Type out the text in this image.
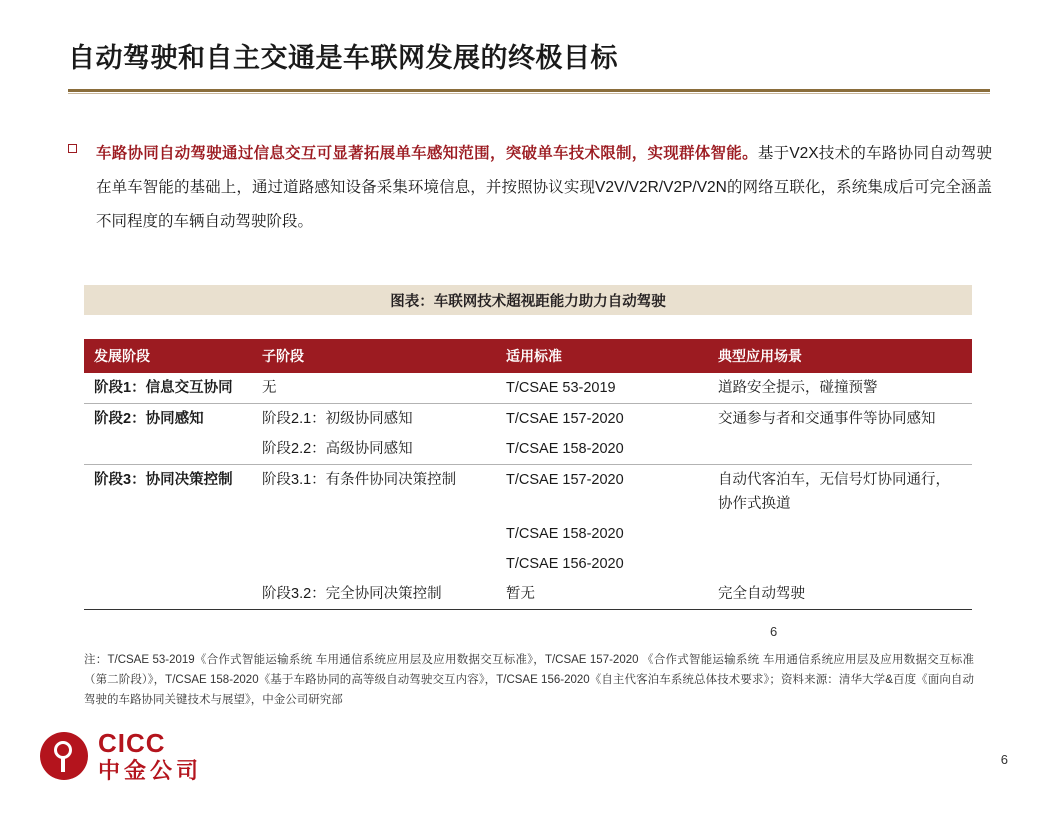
自动驾驶和自主交通是车联网发展的终极目标
车路协同自动驾驶通过信息交互可显著拓展单车感知范围，突破单车技术限制，实现群体智能。基于V2X技术的车路协同自动驾驶在单车智能的基础上，通过道路感知设备采集环境信息，并按照协议实现V2V/V2R/V2P/V2N的网络互联化，系统集成后可完全涵盖不同程度的车辆自动驾驶阶段。
图表：车联网技术超视距能力助力自动驾驶
发展阶段	子阶段	适用标准	典型应用场景
阶段1：信息交互协同	无	T/CSAE 53-2019	道路安全提示，碰撞预警
阶段2：协同感知	阶段2.1：初级协同感知	T/CSAE 157-2020	交通参与者和交通事件等协同感知
	阶段2.2：高级协同感知	T/CSAE 158-2020	
阶段3：协同决策控制	阶段3.1：有条件协同决策控制	T/CSAE 157-2020	自动代客泊车，无信号灯协同通行，协作式换道
		T/CSAE 158-2020	
		T/CSAE 156-2020	
	阶段3.2：完全协同决策控制	暂无	完全自动驾驶
6
注：T/CSAE 53-2019《合作式智能运输系统 车用通信系统应用层及应用数据交互标准》，T/CSAE 157-2020 《合作式智能运输系统 车用通信系统应用层及应用数据交互标准（第二阶段）》，T/CSAE 158-2020《基于车路协同的高等级自动驾驶交互内容》，T/CSAE 156-2020《自主代客泊车系统总体技术要求》；资料来源：清华大学&百度《面向自动驾驶的车路协同关键技术与展望》，中金公司研究部
CICC
中金公司	6
